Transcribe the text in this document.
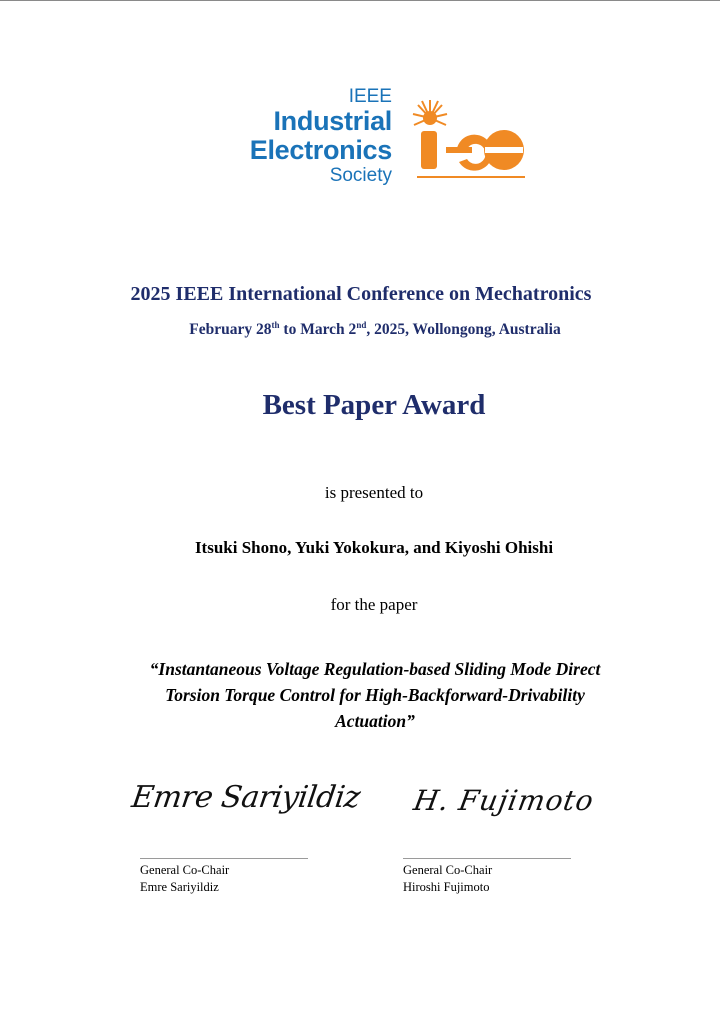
IEEE
Industrial
Electronics
Society
2025 IEEE International Conference on Mechatronics
February 28th to March 2nd, 2025, Wollongong, Australia
Best Paper Award
is presented to
Itsuki Shono, Yuki Yokokura, and Kiyoshi Ohishi
for the paper
“Instantaneous Voltage Regulation-based Sliding Mode Direct
Torsion Torque Control for High-Backforward-Drivability
Actuation”
Emre Sariyildiz H. Fujimoto
General Co-Chair
Emre Sariyildiz
General Co-Chair
Hiroshi Fujimoto
